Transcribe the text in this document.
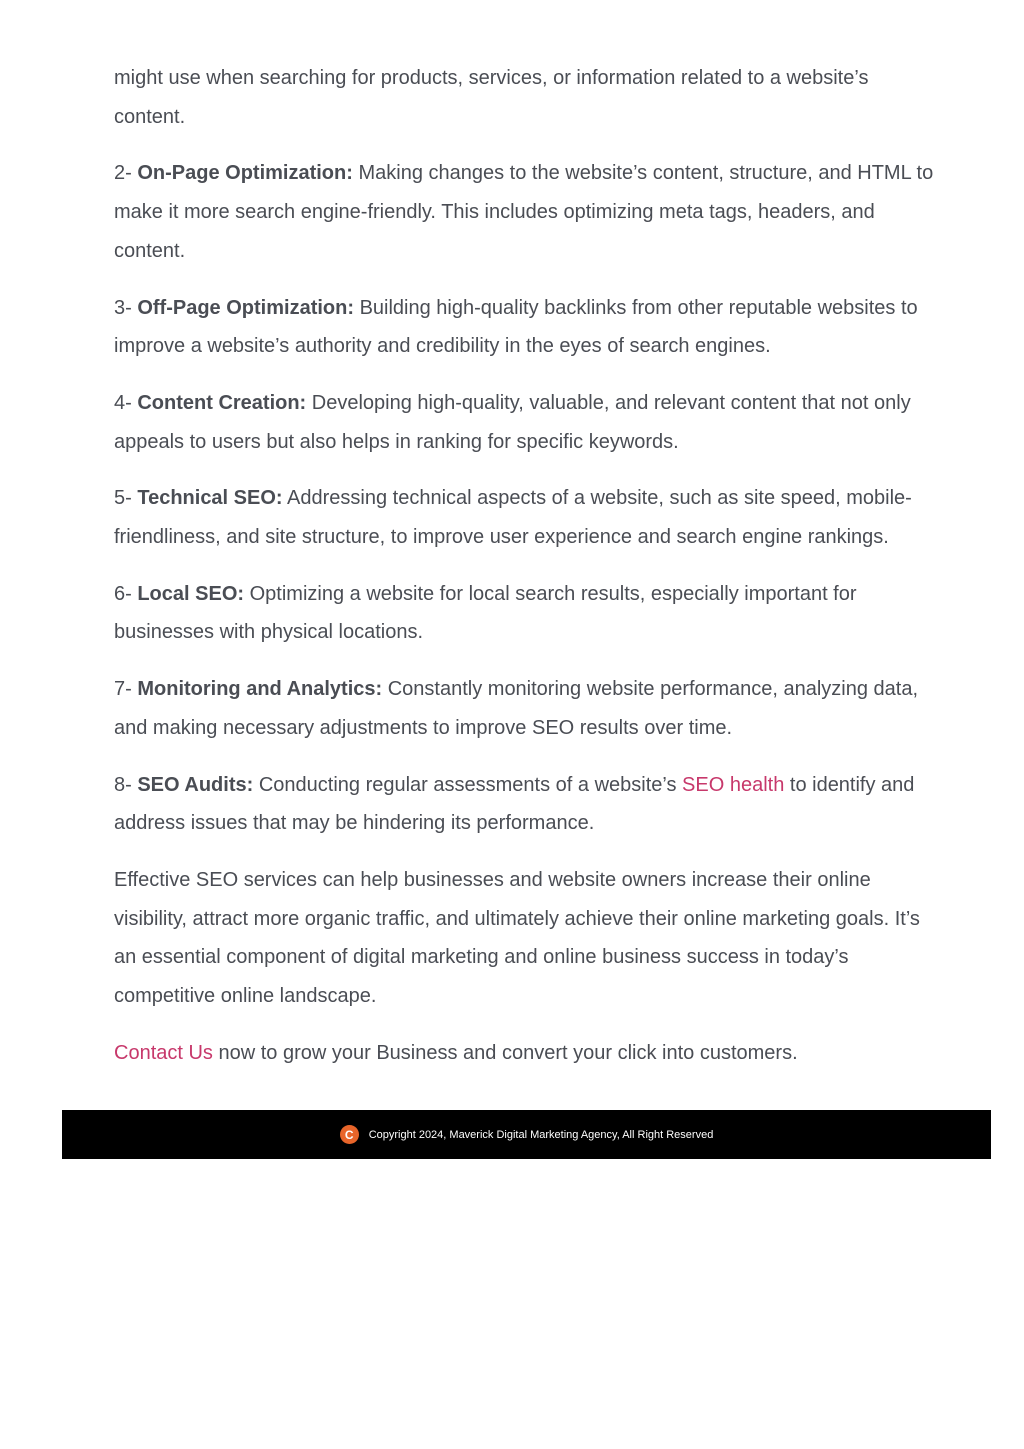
might use when searching for products, services, or information related to a website’s content.

2- On-Page Optimization: Making changes to the website’s content, structure, and HTML to make it more search engine-friendly. This includes optimizing meta tags, headers, and content.

3- Off-Page Optimization: Building high-quality backlinks from other reputable websites to improve a website’s authority and credibility in the eyes of search engines.

4- Content Creation: Developing high-quality, valuable, and relevant content that not only appeals to users but also helps in ranking for specific keywords.

5- Technical SEO: Addressing technical aspects of a website, such as site speed, mobile-friendliness, and site structure, to improve user experience and search engine rankings.

6- Local SEO: Optimizing a website for local search results, especially important for businesses with physical locations.

7- Monitoring and Analytics: Constantly monitoring website performance, analyzing data, and making necessary adjustments to improve SEO results over time.

8- SEO Audits: Conducting regular assessments of a website’s SEO health to identify and address issues that may be hindering its performance.

Effective SEO services can help businesses and website owners increase their online visibility, attract more organic traffic, and ultimately achieve their online marketing goals. It’s an essential component of digital marketing and online business success in today’s competitive online landscape.

Contact Us now to grow your Business and convert your click into customers.

C Copyright 2024, Maverick Digital Marketing Agency, All Right Reserved
